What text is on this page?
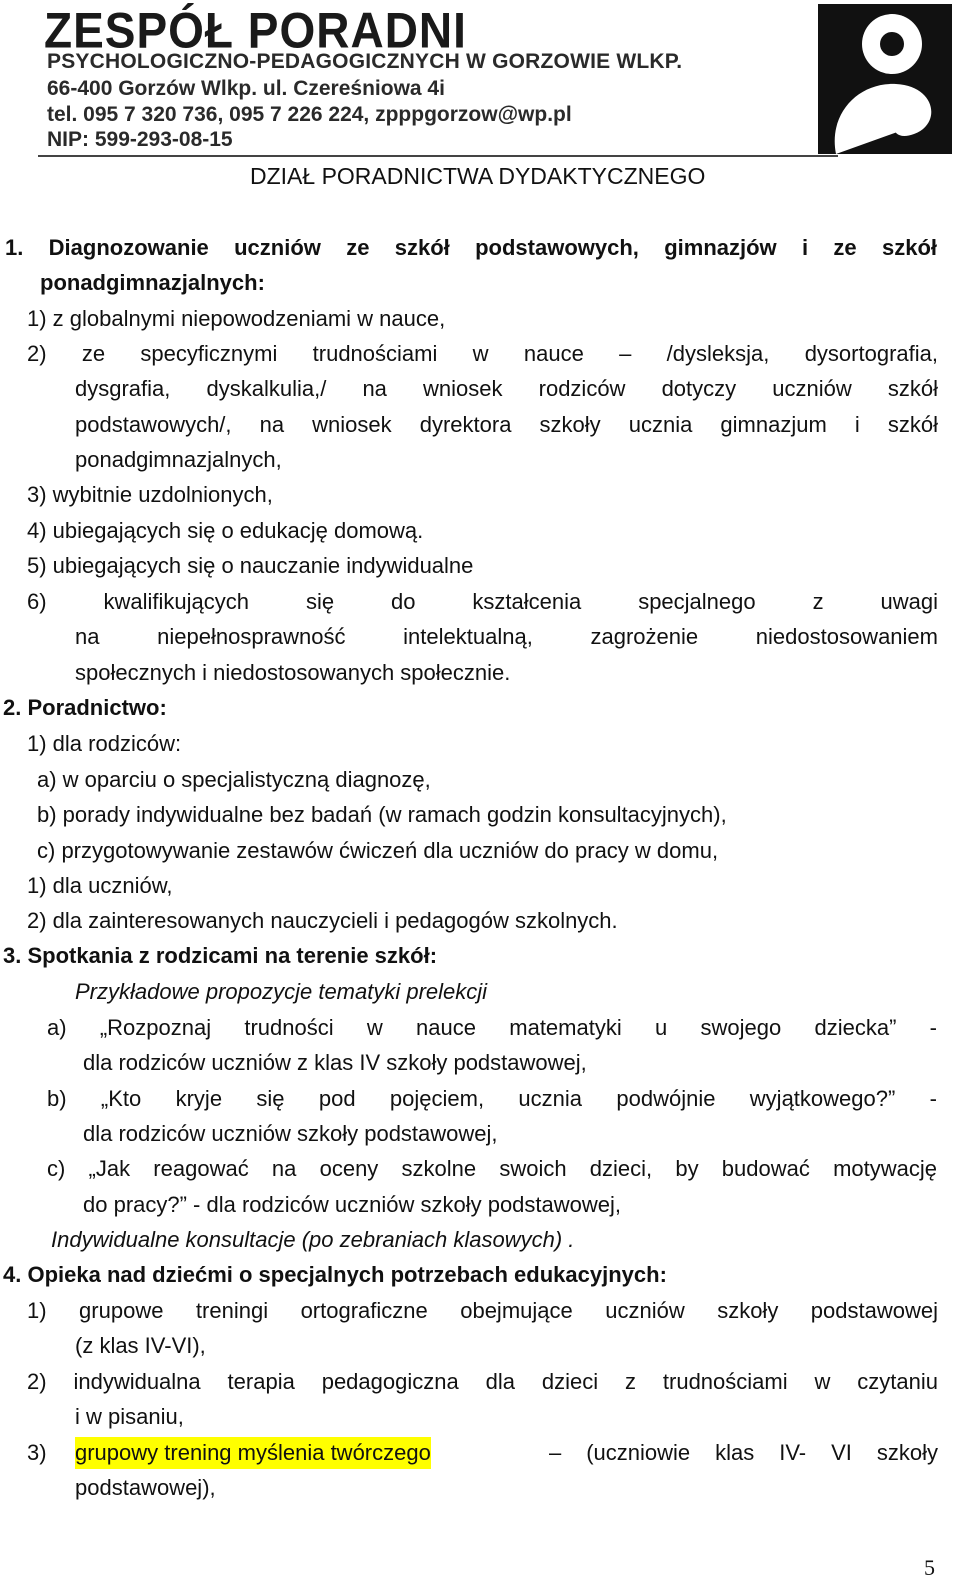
ZESPÓŁ PORADNI
PSYCHOLOGICZNO-PEDAGOGICZNYCH W GORZOWIE WLKP.
66-400 Gorzów Wlkp. ul. Czereśniowa 4i
tel. 095 7 320 736, 095 7 226 224, zpppgorzow@wp.pl
NIP: 599-293-08-15
DZIAŁ PORADNICTWA DYDAKTYCZNEGO
1. Diagnozowanie uczniów ze szkół podstawowych, gimnazjów i ze szkół
ponadgimnazjalnych:
1) z globalnymi niepowodzeniami w nauce,
2) ze specyficznymi trudnościami w nauce – /dysleksja, dysortografia,
dysgrafia, dyskalkulia,/ na wniosek rodziców dotyczy uczniów szkół
podstawowych/, na wniosek dyrektora szkoły ucznia gimnazjum i szkół
ponadgimnazjalnych,
3) wybitnie uzdolnionych,
4) ubiegających się o edukację domową.
5) ubiegających się o nauczanie indywidualne
6) kwalifikujących się do kształcenia specjalnego z uwagi
na niepełnosprawność intelektualną, zagrożenie niedostosowaniem
społecznych i niedostosowanych społecznie.
2. Poradnictwo:
1) dla rodziców:
a) w oparciu o specjalistyczną diagnozę,
b) porady indywidualne bez badań (w ramach godzin konsultacyjnych),
c) przygotowywanie zestawów ćwiczeń dla uczniów do pracy w domu,
1) dla uczniów,
2) dla zainteresowanych nauczycieli i pedagogów szkolnych.
3. Spotkania z rodzicami na terenie szkół:
Przykładowe propozycje tematyki prelekcji
a) „Rozpoznaj trudności w nauce matematyki u swojego dziecka” -
dla rodziców uczniów z klas IV szkoły podstawowej,
b) „Kto kryje się pod pojęciem, ucznia podwójnie wyjątkowego?” -
dla rodziców uczniów szkoły podstawowej,
c) „Jak reagować na oceny szkolne swoich dzieci, by budować motywację
do pracy?” - dla rodziców uczniów szkoły podstawowej,
Indywidualne konsultacje (po zebraniach klasowych) .
4. Opieka nad dziećmi o specjalnych potrzebach edukacyjnych:
1) grupowe treningi ortograficzne obejmujące uczniów szkoły podstawowej
(z klas IV-VI),
2) indywidualna terapia pedagogiczna dla dzieci z trudnościami w czytaniu
i w pisaniu,
3) grupowy trening myślenia twórczego	– (uczniowie klas IV- VI szkoły
podstawowej),
5
